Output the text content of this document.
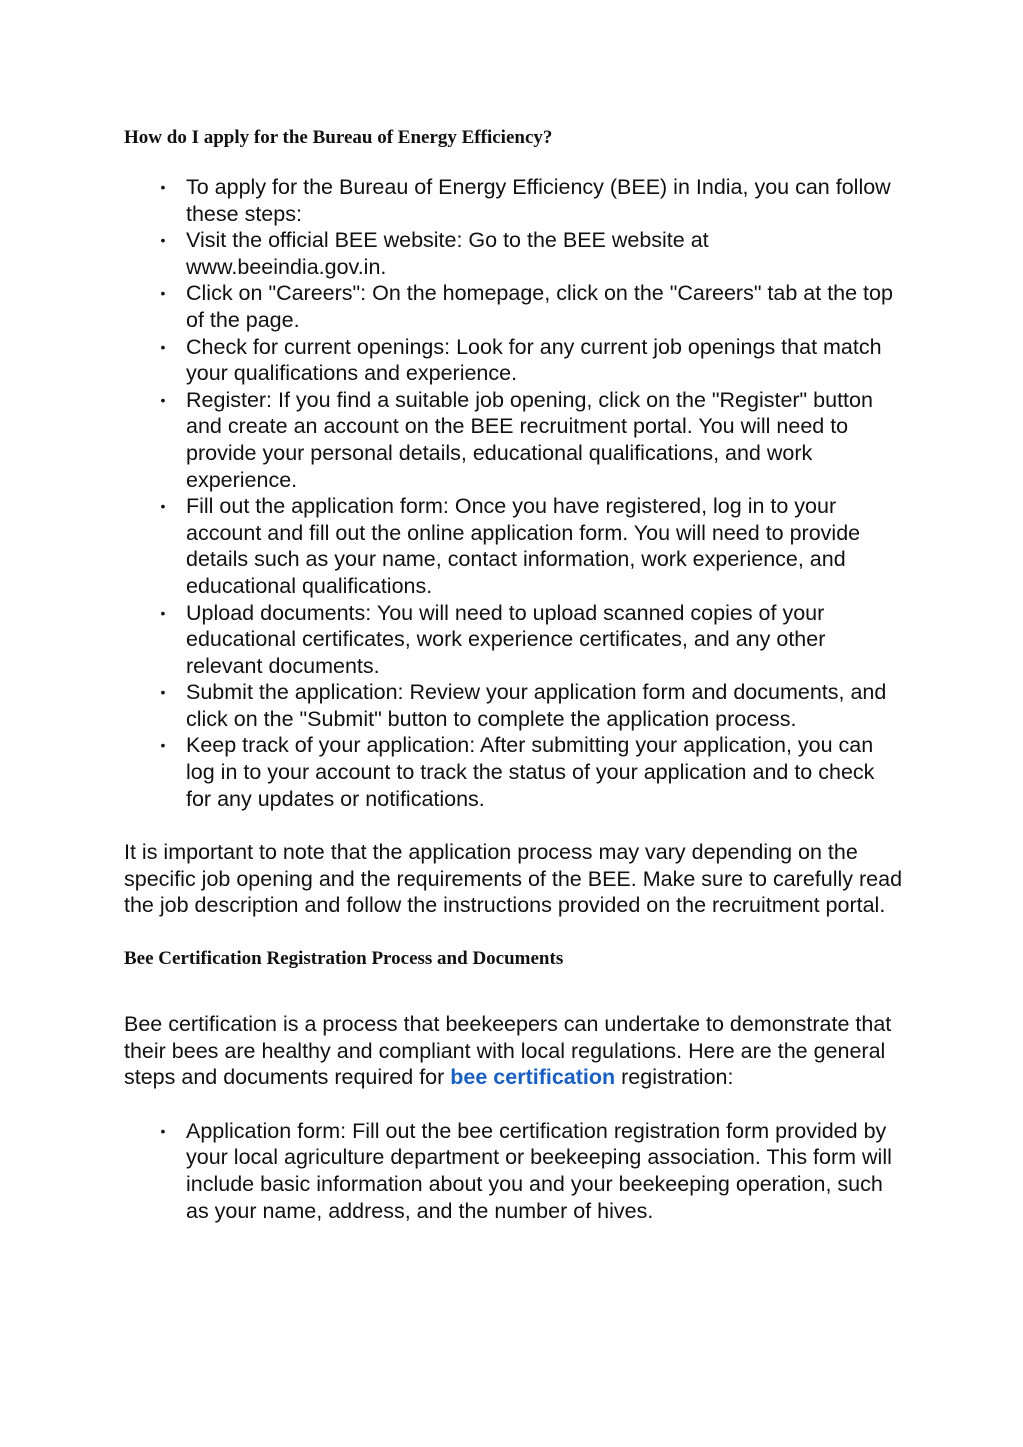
How do I apply for the Bureau of Energy Efficiency?
• To apply for the Bureau of Energy Efficiency (BEE) in India, you can follow these steps:
• Visit the official BEE website: Go to the BEE website at www.beeindia.gov.in.
• Click on "Careers": On the homepage, click on the "Careers" tab at the top of the page.
• Check for current openings: Look for any current job openings that match your qualifications and experience.
• Register: If you find a suitable job opening, click on the "Register" button and create an account on the BEE recruitment portal. You will need to provide your personal details, educational qualifications, and work experience.
• Fill out the application form: Once you have registered, log in to your account and fill out the online application form. You will need to provide details such as your name, contact information, work experience, and educational qualifications.
• Upload documents: You will need to upload scanned copies of your educational certificates, work experience certificates, and any other relevant documents.
• Submit the application: Review your application form and documents, and click on the "Submit" button to complete the application process.
• Keep track of your application: After submitting your application, you can log in to your account to track the status of your application and to check for any updates or notifications.

It is important to note that the application process may vary depending on the specific job opening and the requirements of the BEE. Make sure to carefully read the job description and follow the instructions provided on the recruitment portal.

Bee Certification Registration Process and Documents

Bee certification is a process that beekeepers can undertake to demonstrate that their bees are healthy and compliant with local regulations. Here are the general steps and documents required for bee certification registration:

• Application form: Fill out the bee certification registration form provided by your local agriculture department or beekeeping association. This form will include basic information about you and your beekeeping operation, such as your name, address, and the number of hives.
